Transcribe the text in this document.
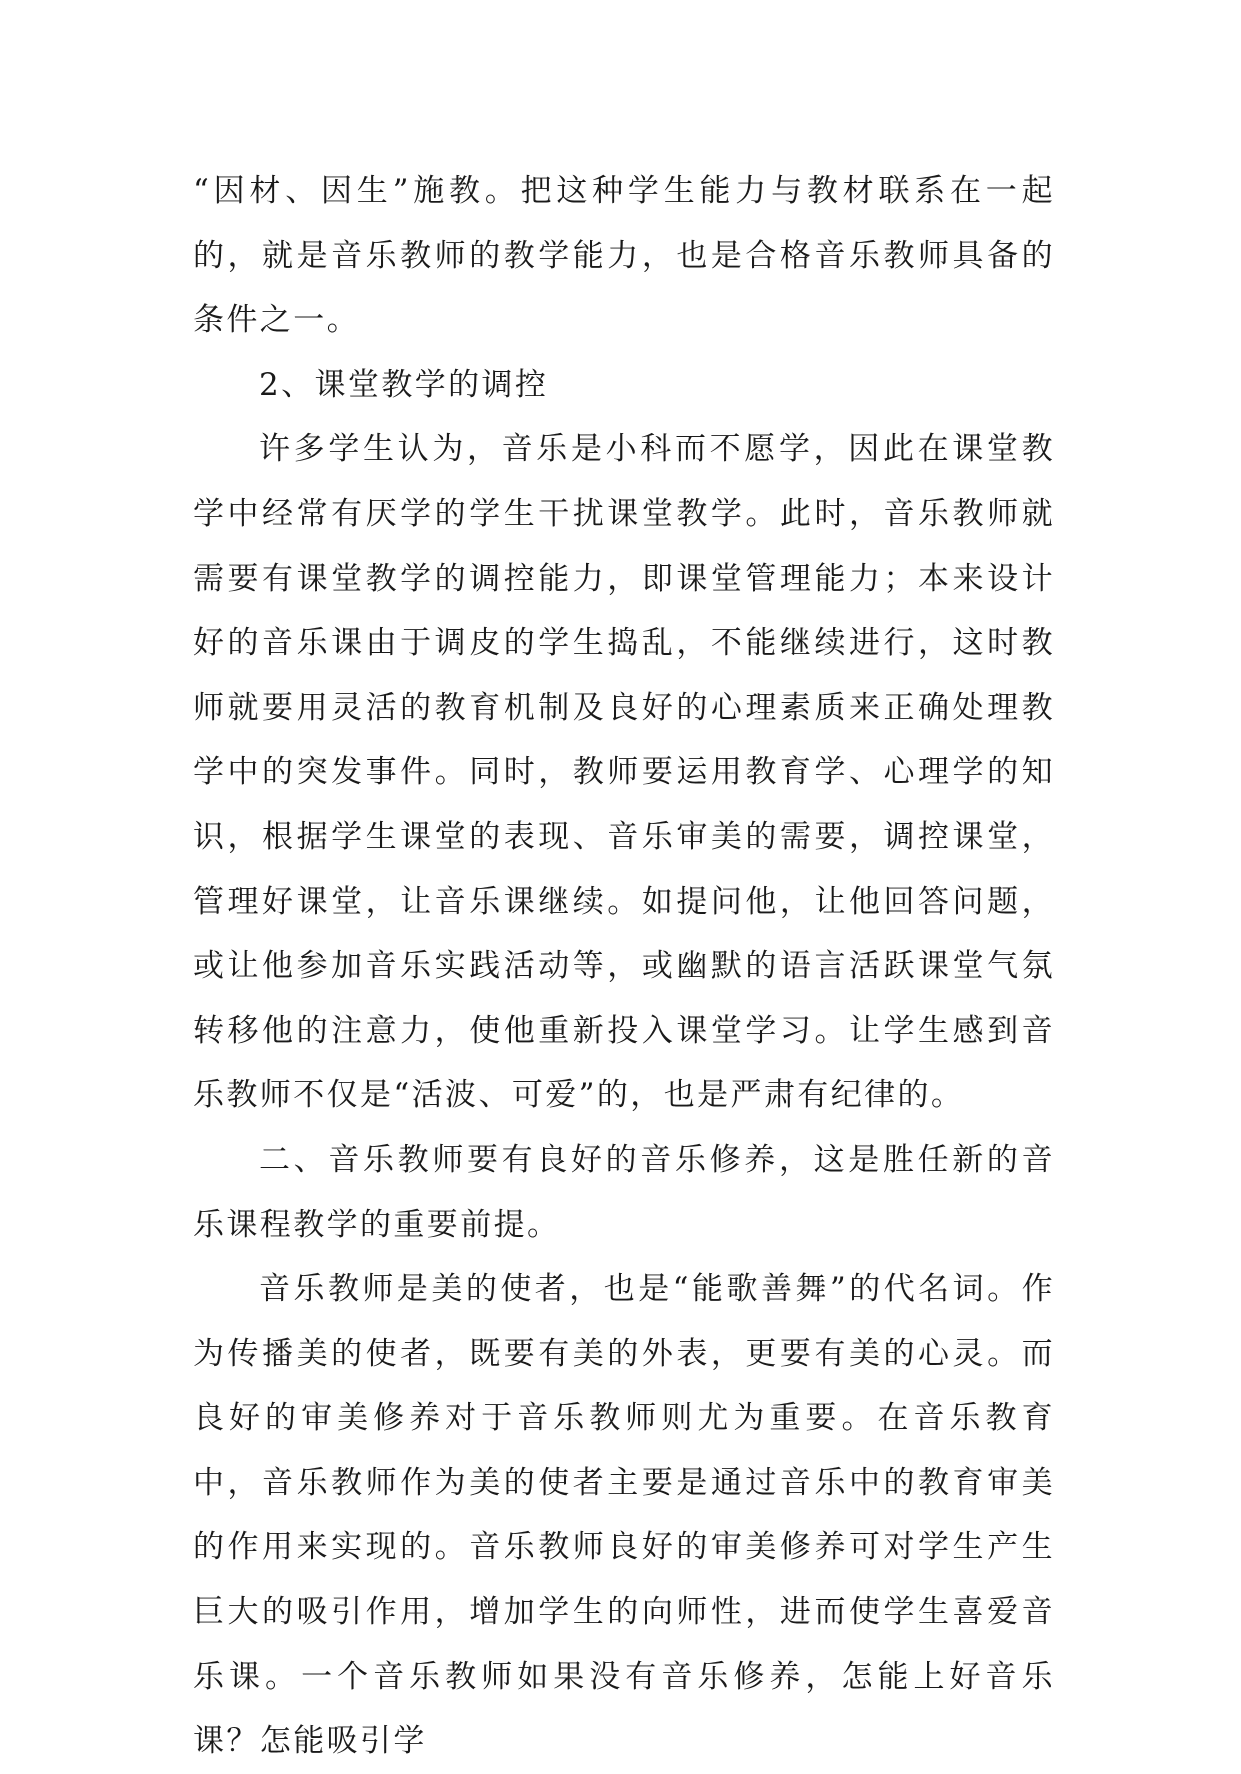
“因材、因生”施教。把这种学生能力与教材联系在一起的，就是音乐教师的教学能力，也是合格音乐教师具备的条件之一。

2、课堂教学的调控

许多学生认为，音乐是小科而不愿学，因此在课堂教学中经常有厌学的学生干扰课堂教学。此时，音乐教师就需要有课堂教学的调控能力，即课堂管理能力；本来设计好的音乐课由于调皮的学生捣乱，不能继续进行，这时教师就要用灵活的教育机制及良好的心理素质来正确处理教学中的突发事件。同时，教师要运用教育学、心理学的知识，根据学生课堂的表现、音乐审美的需要，调控课堂，管理好课堂，让音乐课继续。如提问他，让他回答问题，或让他参加音乐实践活动等，或幽默的语言活跃课堂气氛转移他的注意力，使他重新投入课堂学习。让学生感到音乐教师不仅是“活波、可爱”的，也是严肃有纪律的。

二、音乐教师要有良好的音乐修养，这是胜任新的音乐课程教学的重要前提。

音乐教师是美的使者，也是“能歌善舞”的代名词。作为传播美的使者，既要有美的外表，更要有美的心灵。而良好的审美修养对于音乐教师则尤为重要。在音乐教育中，音乐教师作为美的使者主要是通过音乐中的教育审美的作用来实现的。音乐教师良好的审美修养可对学生产生巨大的吸引作用，增加学生的向师性，进而使学生喜爱音乐课。一个音乐教师如果没有音乐修养，怎能上好音乐课？怎能吸引学
